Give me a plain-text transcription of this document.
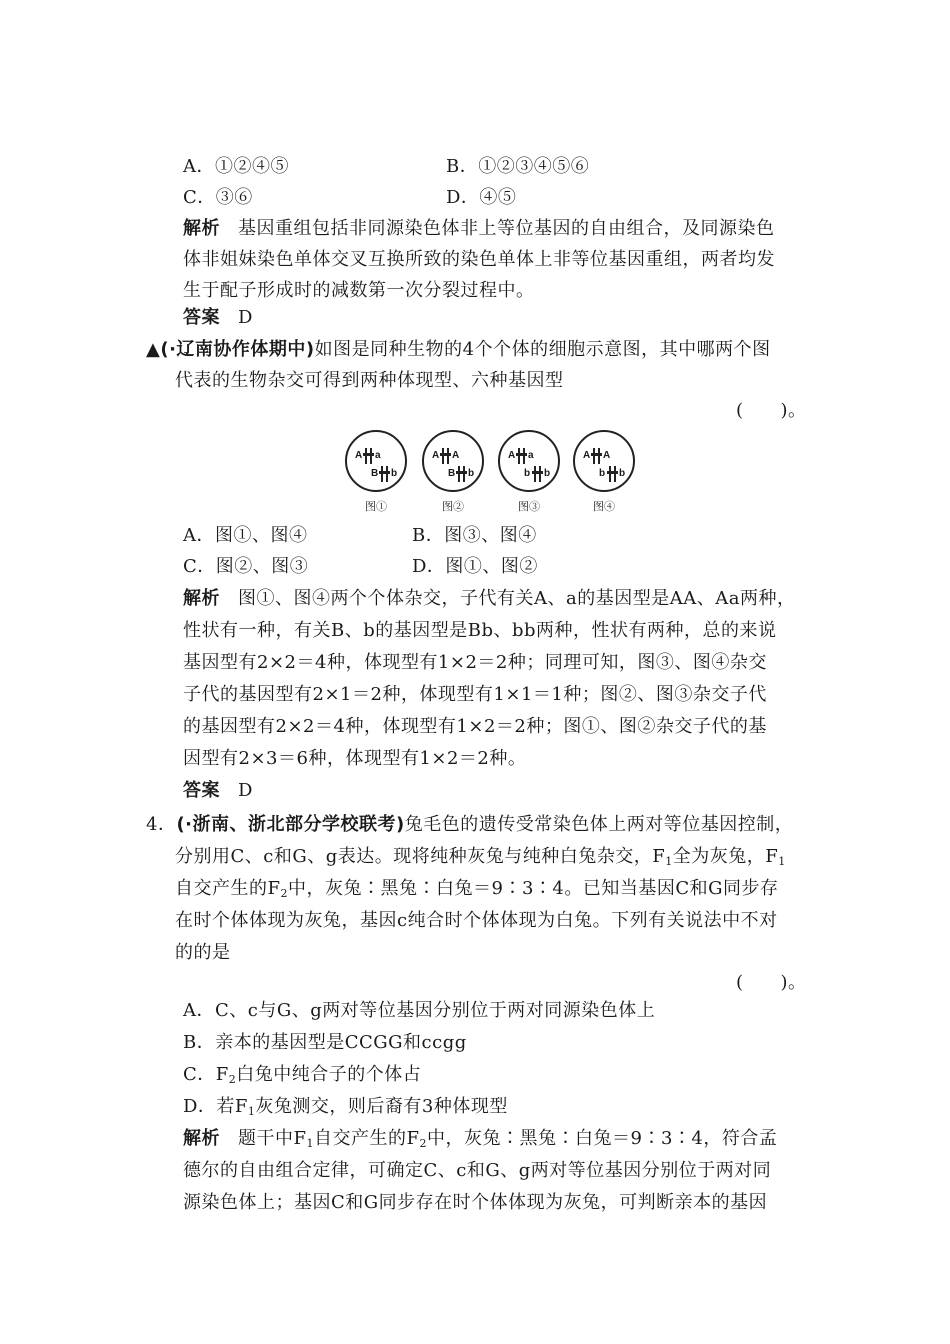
A．①②④⑤	B．①②③④⑤⑥
C．③⑥	D．④⑤
解析 基因重组包括非同源染色体非上等位基因的自由组合，及同源染色
体非姐妹染色单体交叉互换所致的染色单体上非等位基因重组，两者均发
生于配子形成时的减数第一次分裂过程中。
答案 D
▲(·辽南协作体期中)如图是同种生物的4个个体的细胞示意图，其中哪两个图
代表的生物杂交可得到两种体现型、六种基因型
(　　)。
A a
B b
图①
A A
B b
图②
A a
b b
图③
A A
b b
图④
A．图①、图④	B．图③、图④
C．图②、图③	D．图①、图②
解析 图①、图④两个个体杂交，子代有关A、a的基因型是AA、Aa两种，
性状有一种，有关B、b的基因型是Bb、bb两种，性状有两种，总的来说
基因型有2×2＝4种，体现型有1×2＝2种；同理可知，图③、图④杂交
子代的基因型有2×1＝2种，体现型有1×1＝1种；图②、图③杂交子代
的基因型有2×2＝4种，体现型有1×2＝2种；图①、图②杂交子代的基
因型有2×3＝6种，体现型有1×2＝2种。
答案 D
4．(·浙南、浙北部分学校联考)兔毛色的遗传受常染色体上两对等位基因控制，
分别用C、c和G、g表达。现将纯种灰兔与纯种白兔杂交，$F_1$全为灰兔，$F_1$
自交产生的$F_2$中，灰兔∶黑兔∶白兔＝9∶3∶4。已知当基因C和G同步存
在时个体体现为灰兔，基因c纯合时个体体现为白兔。下列有关说法中不对
的的是
(　　)。
A．C、c与G、g两对等位基因分别位于两对同源染色体上
B．亲本的基因型是CCGG和ccgg
C．$F_2$白兔中纯合子的个体占
D．若$F_1$灰兔测交，则后裔有3种体现型
解析 题干中$F_1$自交产生的$F_2$中，灰兔∶黑兔∶白兔＝9∶3∶4，符合孟
德尔的自由组合定律，可确定C、c和G、g两对等位基因分别位于两对同
源染色体上；基因C和G同步存在时个体体现为灰兔，可判断亲本的基因
